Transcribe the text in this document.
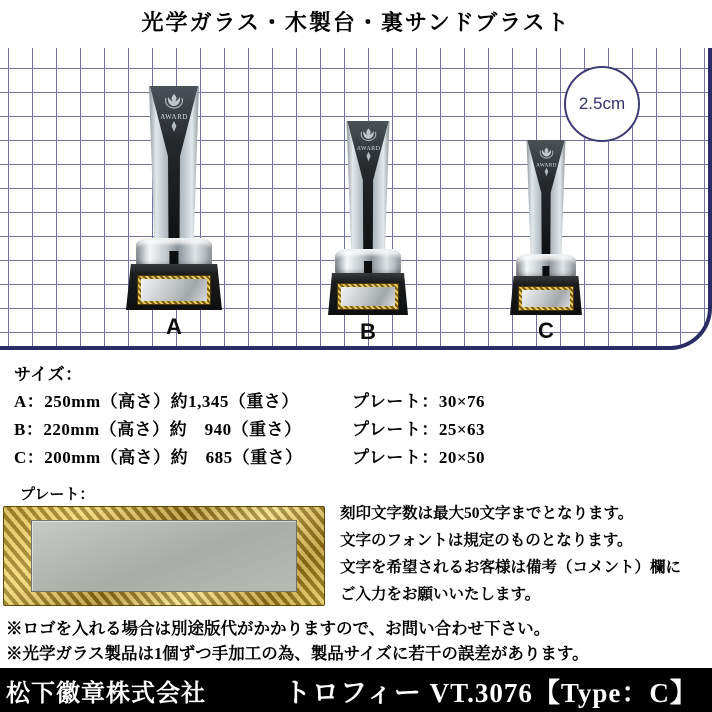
光学ガラス・木製台・裏サンドブラスト
AWARD
A
AWARD
B
AWARD
C
2.5cm
サイズ：
A：250mm（高さ）約1,345（重さ）	プレート：30×76
B：220mm（高さ）約　940（重さ）	プレート：25×63
C：200mm（高さ）約　685（重さ）	プレート：20×50
プレート：
刻印文字数は最大50文字までとなります。
文字のフォントは規定のものとなります。
文字を希望されるお客様は備考（コメント）欄に
ご入力をお願いいたします。
※ロゴを入れる場合は別途版代がかかりますので、お問い合わせ下さい。
※光学ガラス製品は1個ずつ手加工の為、製品サイズに若干の誤差があります。
松下徽章株式会社	トロフィー VT.3076【Type：C】
